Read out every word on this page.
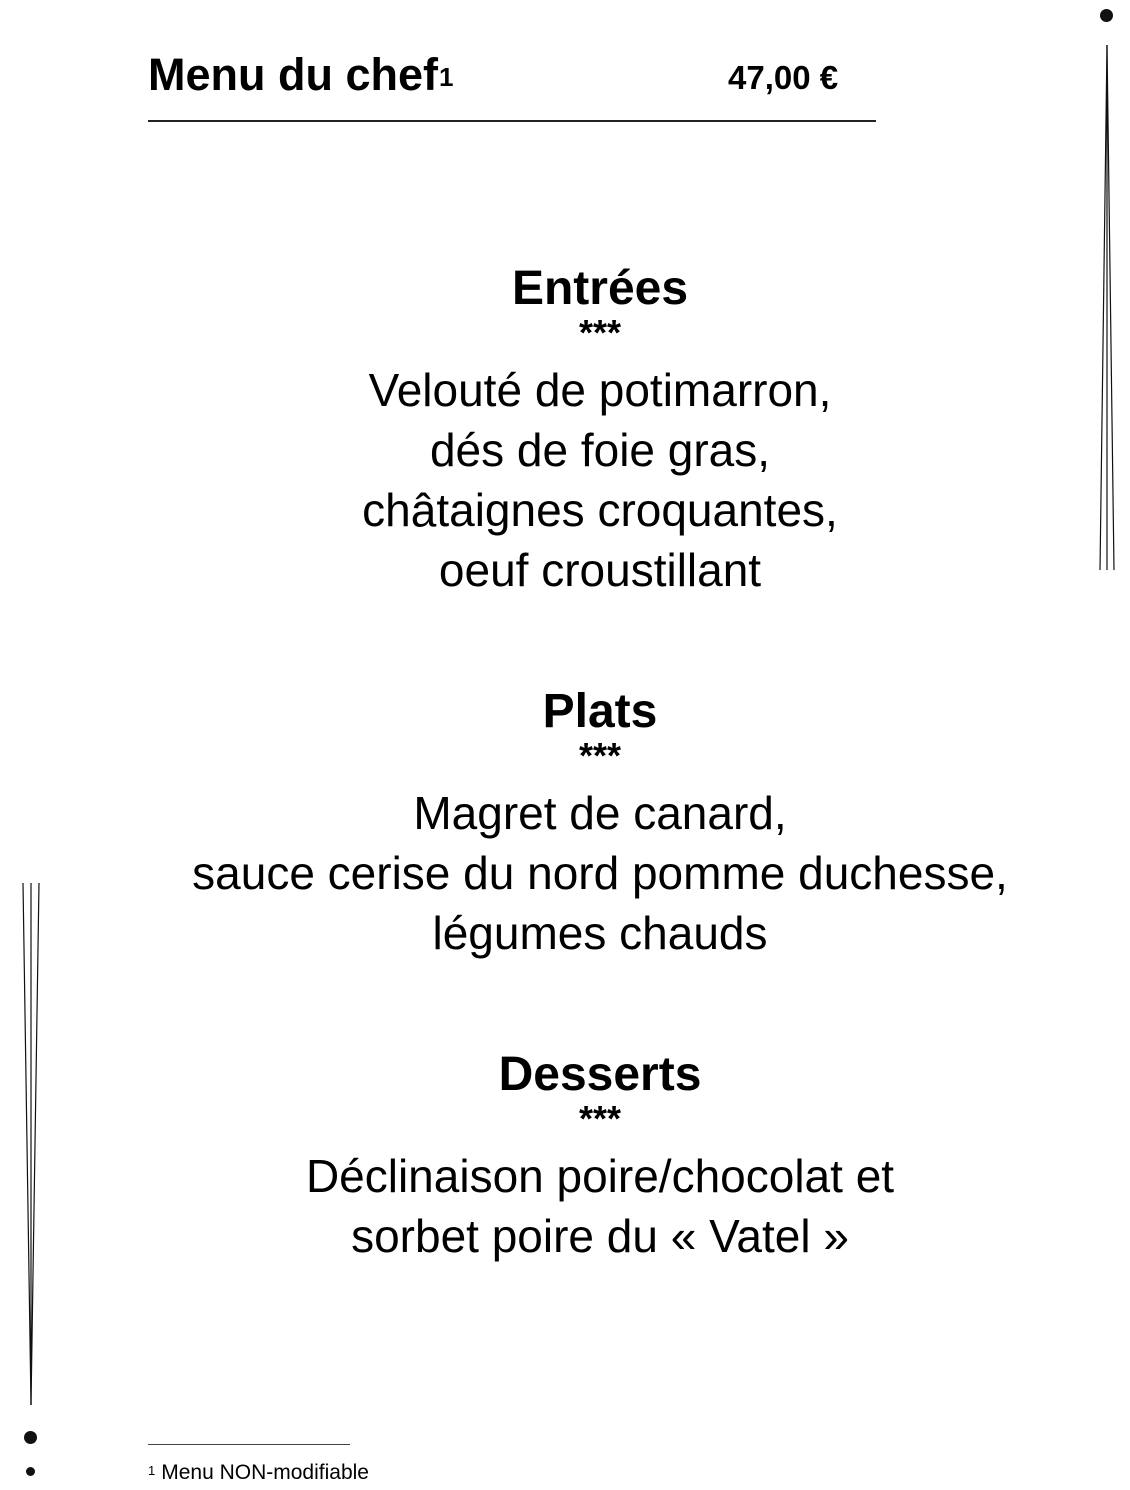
Menu du chef$^1$	47,00 €
Entrées
***
Velouté de potimarron,
dés de foie gras,
châtaignes croquantes,
oeuf croustillant
Plats
***
Magret de canard,
sauce cerise du nord pomme duchesse,
légumes chauds
Desserts
***
Déclinaison poire/chocolat et
sorbet poire du « Vatel »
$^1$ Menu NON-modifiable
